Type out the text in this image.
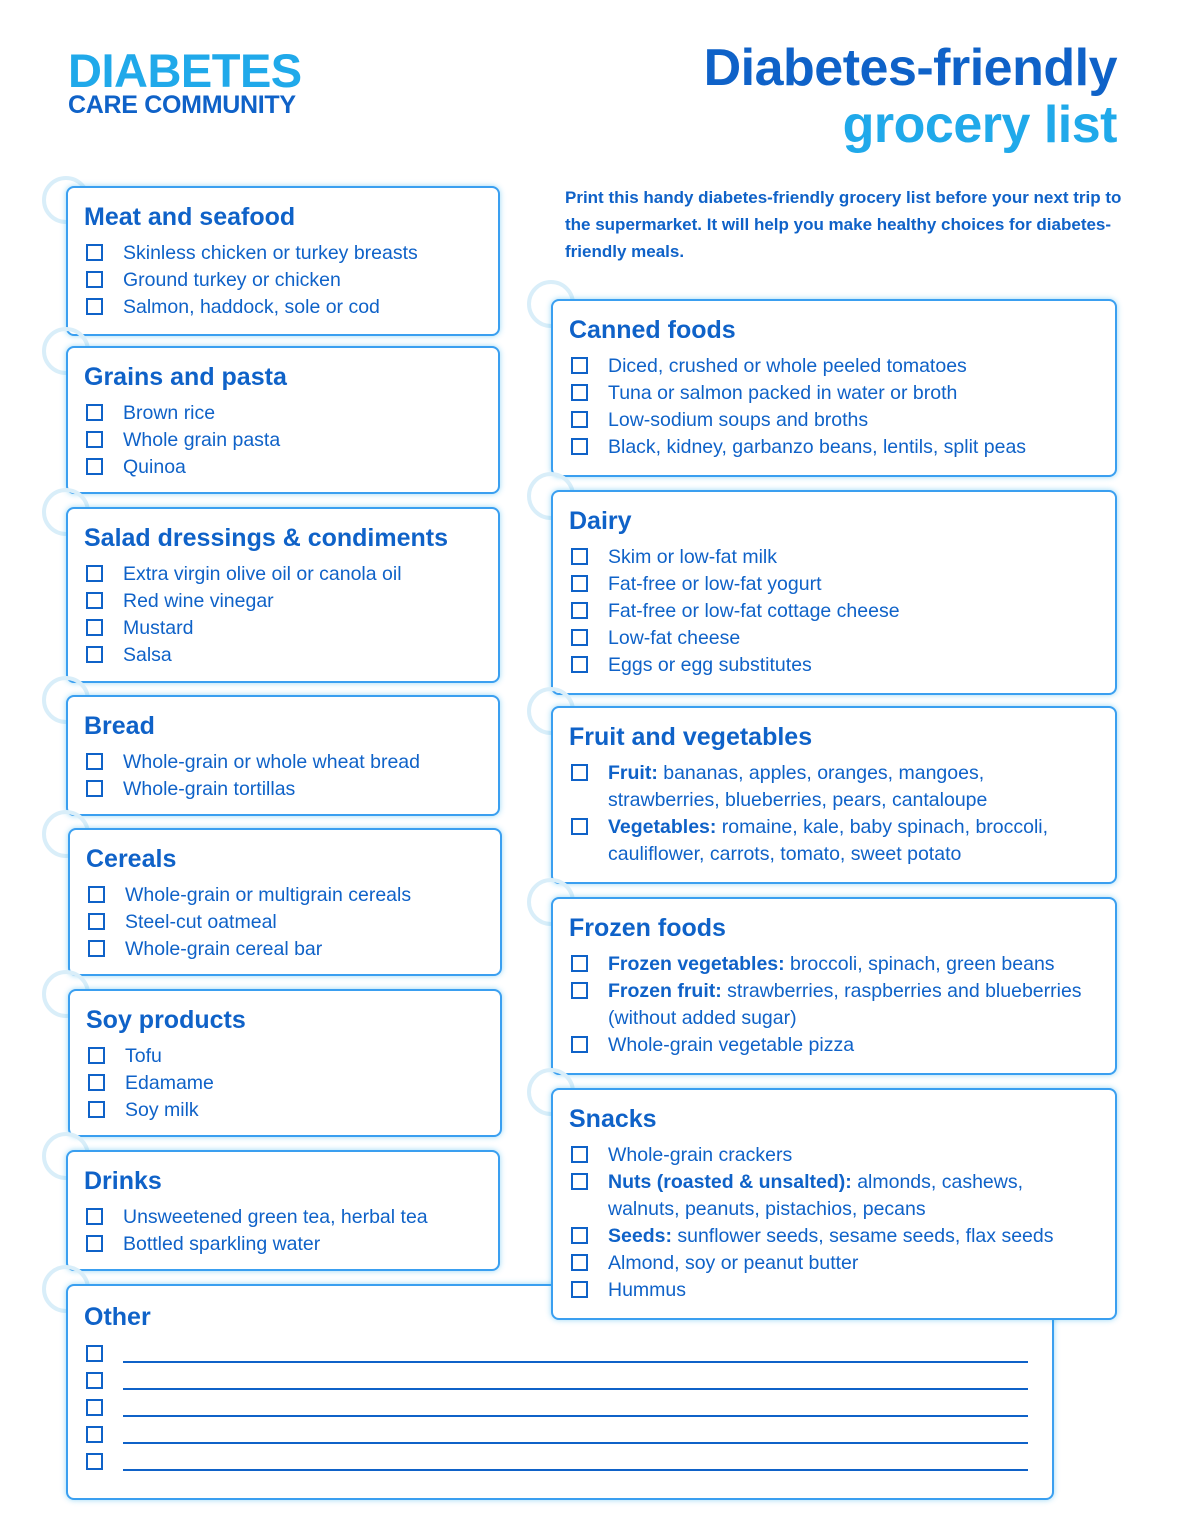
DIABETES
CARE COMMUNITY
Diabetes-friendly
grocery list
Print this handy diabetes-friendly grocery list before your next trip to the supermarket. It will help you make healthy choices for diabetes-friendly meals.
Meat and seafood
Skinless chicken or turkey breasts
Ground turkey or chicken
Salmon, haddock, sole or cod
Grains and pasta
Brown rice
Whole grain pasta
Quinoa
Salad dressings & condiments
Extra virgin olive oil or canola oil
Red wine vinegar
Mustard
Salsa
Bread
Whole-grain or whole wheat bread
Whole-grain tortillas
Cereals
Whole-grain or multigrain cereals
Steel-cut oatmeal
Whole-grain cereal bar
Soy products
Tofu
Edamame
Soy milk
Drinks
Unsweetened green tea, herbal tea
Bottled sparkling water
Other
Canned foods
Diced, crushed or whole peeled tomatoes
Tuna or salmon packed in water or broth
Low-sodium soups and broths
Black, kidney, garbanzo beans, lentils, split peas
Dairy
Skim or low-fat milk
Fat-free or low-fat yogurt
Fat-free or low-fat cottage cheese
Low-fat cheese
Eggs or egg substitutes
Fruit and vegetables
Fruit: bananas, apples, oranges, mangoes, strawberries, blueberries, pears, cantaloupe
Vegetables: romaine, kale, baby spinach, broccoli, cauliflower, carrots, tomato, sweet potato
Frozen foods
Frozen vegetables: broccoli, spinach, green beans
Frozen fruit: strawberries, raspberries and blueberries (without added sugar)
Whole-grain vegetable pizza
Snacks
Whole-grain crackers
Nuts (roasted & unsalted): almonds, cashews, walnuts, peanuts, pistachios, pecans
Seeds: sunflower seeds, sesame seeds, flax seeds
Almond, soy or peanut butter
Hummus
